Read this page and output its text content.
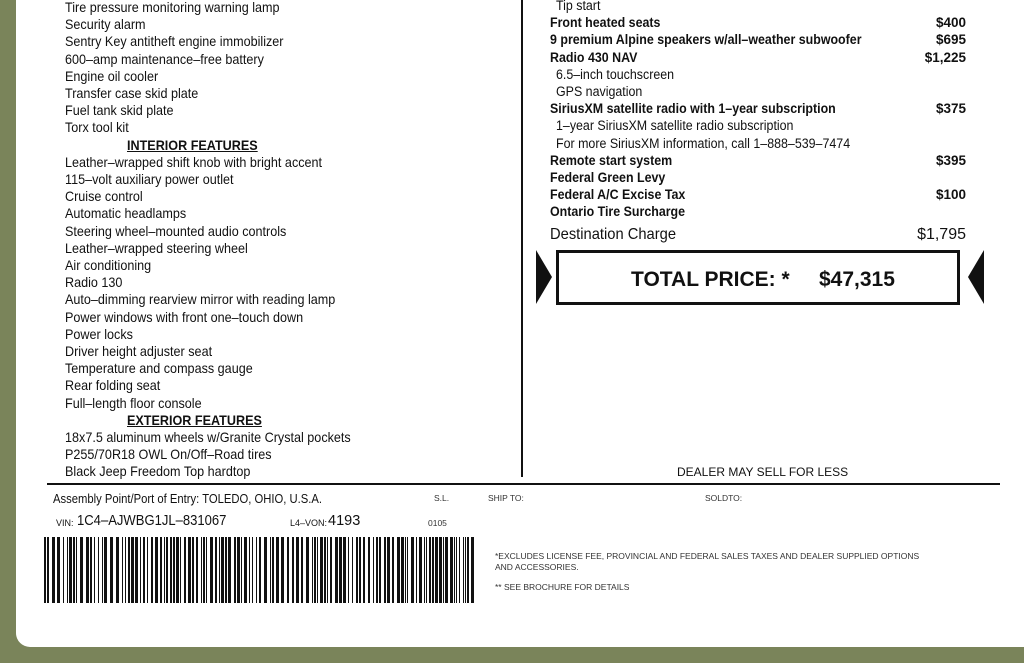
Tire pressure monitoring warning lamp
Security alarm
Sentry Key antitheft engine immobilizer
600–amp maintenance–free battery
Engine oil cooler
Transfer case skid plate
Fuel tank skid plate
Torx tool kit
INTERIOR FEATURES
Leather–wrapped shift knob with bright accent
115–volt auxiliary power outlet
Cruise control
Automatic headlamps
Steering wheel–mounted audio controls
Leather–wrapped steering wheel
Air conditioning
Radio 130
Auto–dimming rearview mirror with reading lamp
Power windows with front one–touch down
Power locks
Driver height adjuster seat
Temperature and compass gauge
Rear folding seat
Full–length floor console
EXTERIOR FEATURES
18x7.5 aluminum wheels w/Granite Crystal pockets
P255/70R18 OWL On/Off–Road tires
Black Jeep Freedom Top hardtop
Tip start
Front heated seats	$400
9 premium Alpine speakers w/all–weather subwoofer	$695
Radio 430 NAV	$1,225
6.5–inch touchscreen
GPS navigation
SiriusXM satellite radio with 1–year subscription	$375
1–year SiriusXM satellite radio subscription
For more SiriusXM information, call 1–888–539–7474
Remote start system	$395
Federal Green Levy
Federal A/C Excise Tax	$100
Ontario Tire Surcharge
Destination Charge	$1,795
TOTAL PRICE: * $47,315
DEALER MAY SELL FOR LESS
Assembly Point/Port of Entry: TOLEDO, OHIO, U.S.A.	S.L.	SHIP TO:	SOLDTO:
VIN: 1C4–AJWBG1JL–831067	L4–VON: 4193	0105
*EXCLUDES LICENSE FEE, PROVINCIAL AND FEDERAL SALES TAXES AND DEALER SUPPLIED OPTIONS
AND ACCESSORIES.
** SEE BROCHURE FOR DETAILS
